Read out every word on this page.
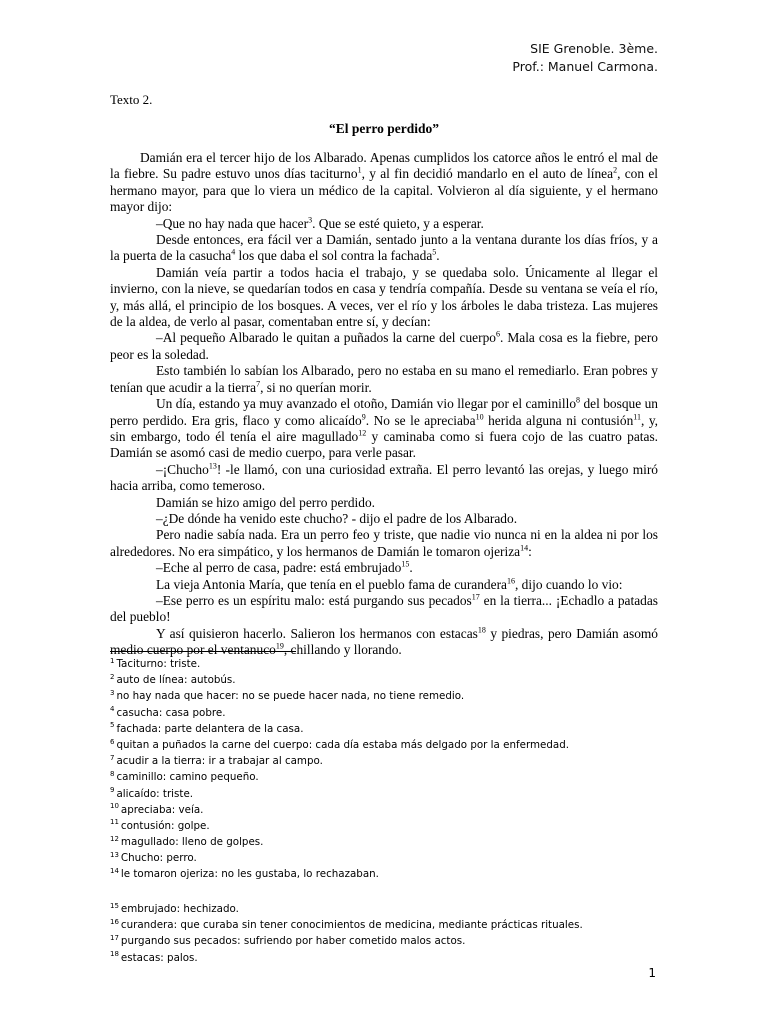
SIE Grenoble. 3ème.
Prof.: Manuel Carmona.
Texto 2.
“El perro perdido”

Damián era el tercer hijo de los Albarado. Apenas cumplidos los catorce años le entró el mal de la fiebre. Su padre estuvo unos días taciturno$^1$, y al fin decidió mandarlo en el auto de línea$^2$, con el hermano mayor, para que lo viera un médico de la capital. Volvieron al día siguiente, y el hermano mayor dijo:

–Que no hay nada que hacer$^3$. Que se esté quieto, y a esperar.

Desde entonces, era fácil ver a Damián, sentado junto a la ventana durante los días fríos, y a la puerta de la casucha$^4$ los que daba el sol contra la fachada$^5$.

Damián veía partir a todos hacia el trabajo, y se quedaba solo. Únicamente al llegar el invierno, con la nieve, se quedarían todos en casa y tendría compañía. Desde su ventana se veía el río, y, más allá, el principio de los bosques. A veces, ver el río y los árboles le daba tristeza. Las mujeres de la aldea, de verlo al pasar, comentaban entre sí, y decían:

–Al pequeño Albarado le quitan a puñados la carne del cuerpo$^6$. Mala cosa es la fiebre, pero peor es la soledad.

Esto también lo sabían los Albarado, pero no estaba en su mano el remediarlo. Eran pobres y tenían que acudir a la tierra$^7$, si no querían morir.

Un día, estando ya muy avanzado el otoño, Damián vio llegar por el caminillo$^8$ del bosque un perro perdido. Era gris, flaco y como alicaído$^9$. No se le apreciaba$^{10}$ herida alguna ni contusión$^{11}$, y, sin embargo, todo él tenía el aire magullado$^{12}$ y caminaba como si fuera cojo de las cuatro patas. Damián se asomó casi de medio cuerpo, para verle pasar.

–¡Chucho$^{13}$! -le llamó, con una curiosidad extraña. El perro levantó las orejas, y luego miró hacia arriba, como temeroso.

Damián se hizo amigo del perro perdido.

–¿De dónde ha venido este chucho? - dijo el padre de los Albarado.

Pero nadie sabía nada. Era un perro feo y triste, que nadie vio nunca ni en la aldea ni por los alrededores. No era simpático, y los hermanos de Damián le tomaron ojeriza$^{14}$:

–Eche al perro de casa, padre: está embrujado$^{15}$.

La vieja Antonia María, que tenía en el pueblo fama de curandera$^{16}$, dijo cuando lo vio:

–Ese perro es un espíritu malo: está purgando sus pecados$^{17}$ en la tierra... ¡Echadlo a patadas del pueblo!

Y así quisieron hacerlo. Salieron los hermanos con estacas$^{18}$ y piedras, pero Damián asomó medio cuerpo por el ventanuco$^{19}$, chillando y llorando.

$^1$ Taciturno: triste.
$^2$ auto de línea: autobús.
$^3$ no hay nada que hacer: no se puede hacer nada, no tiene remedio.
$^4$ casucha: casa pobre.
$^5$ fachada: parte delantera de la casa.
$^6$ quitan a puñados la carne del cuerpo: cada día estaba más delgado por la enfermedad.
$^7$ acudir a la tierra: ir a trabajar al campo.
$^8$ caminillo: camino pequeño.
$^9$ alicaído: triste.
$^{10}$ apreciaba: veía.
$^{11}$ contusión: golpe.
$^{12}$ magullado: lleno de golpes.
$^{13}$ Chucho: perro.
$^{14}$ le tomaron ojeriza: no les gustaba, lo rechazaban.
$^{15}$ embrujado: hechizado.
$^{16}$ curandera: que curaba sin tener conocimientos de medicina, mediante prácticas rituales.
$^{17}$ purgando sus pecados: sufriendo por haber cometido malos actos.
$^{18}$ estacas: palos.
1
